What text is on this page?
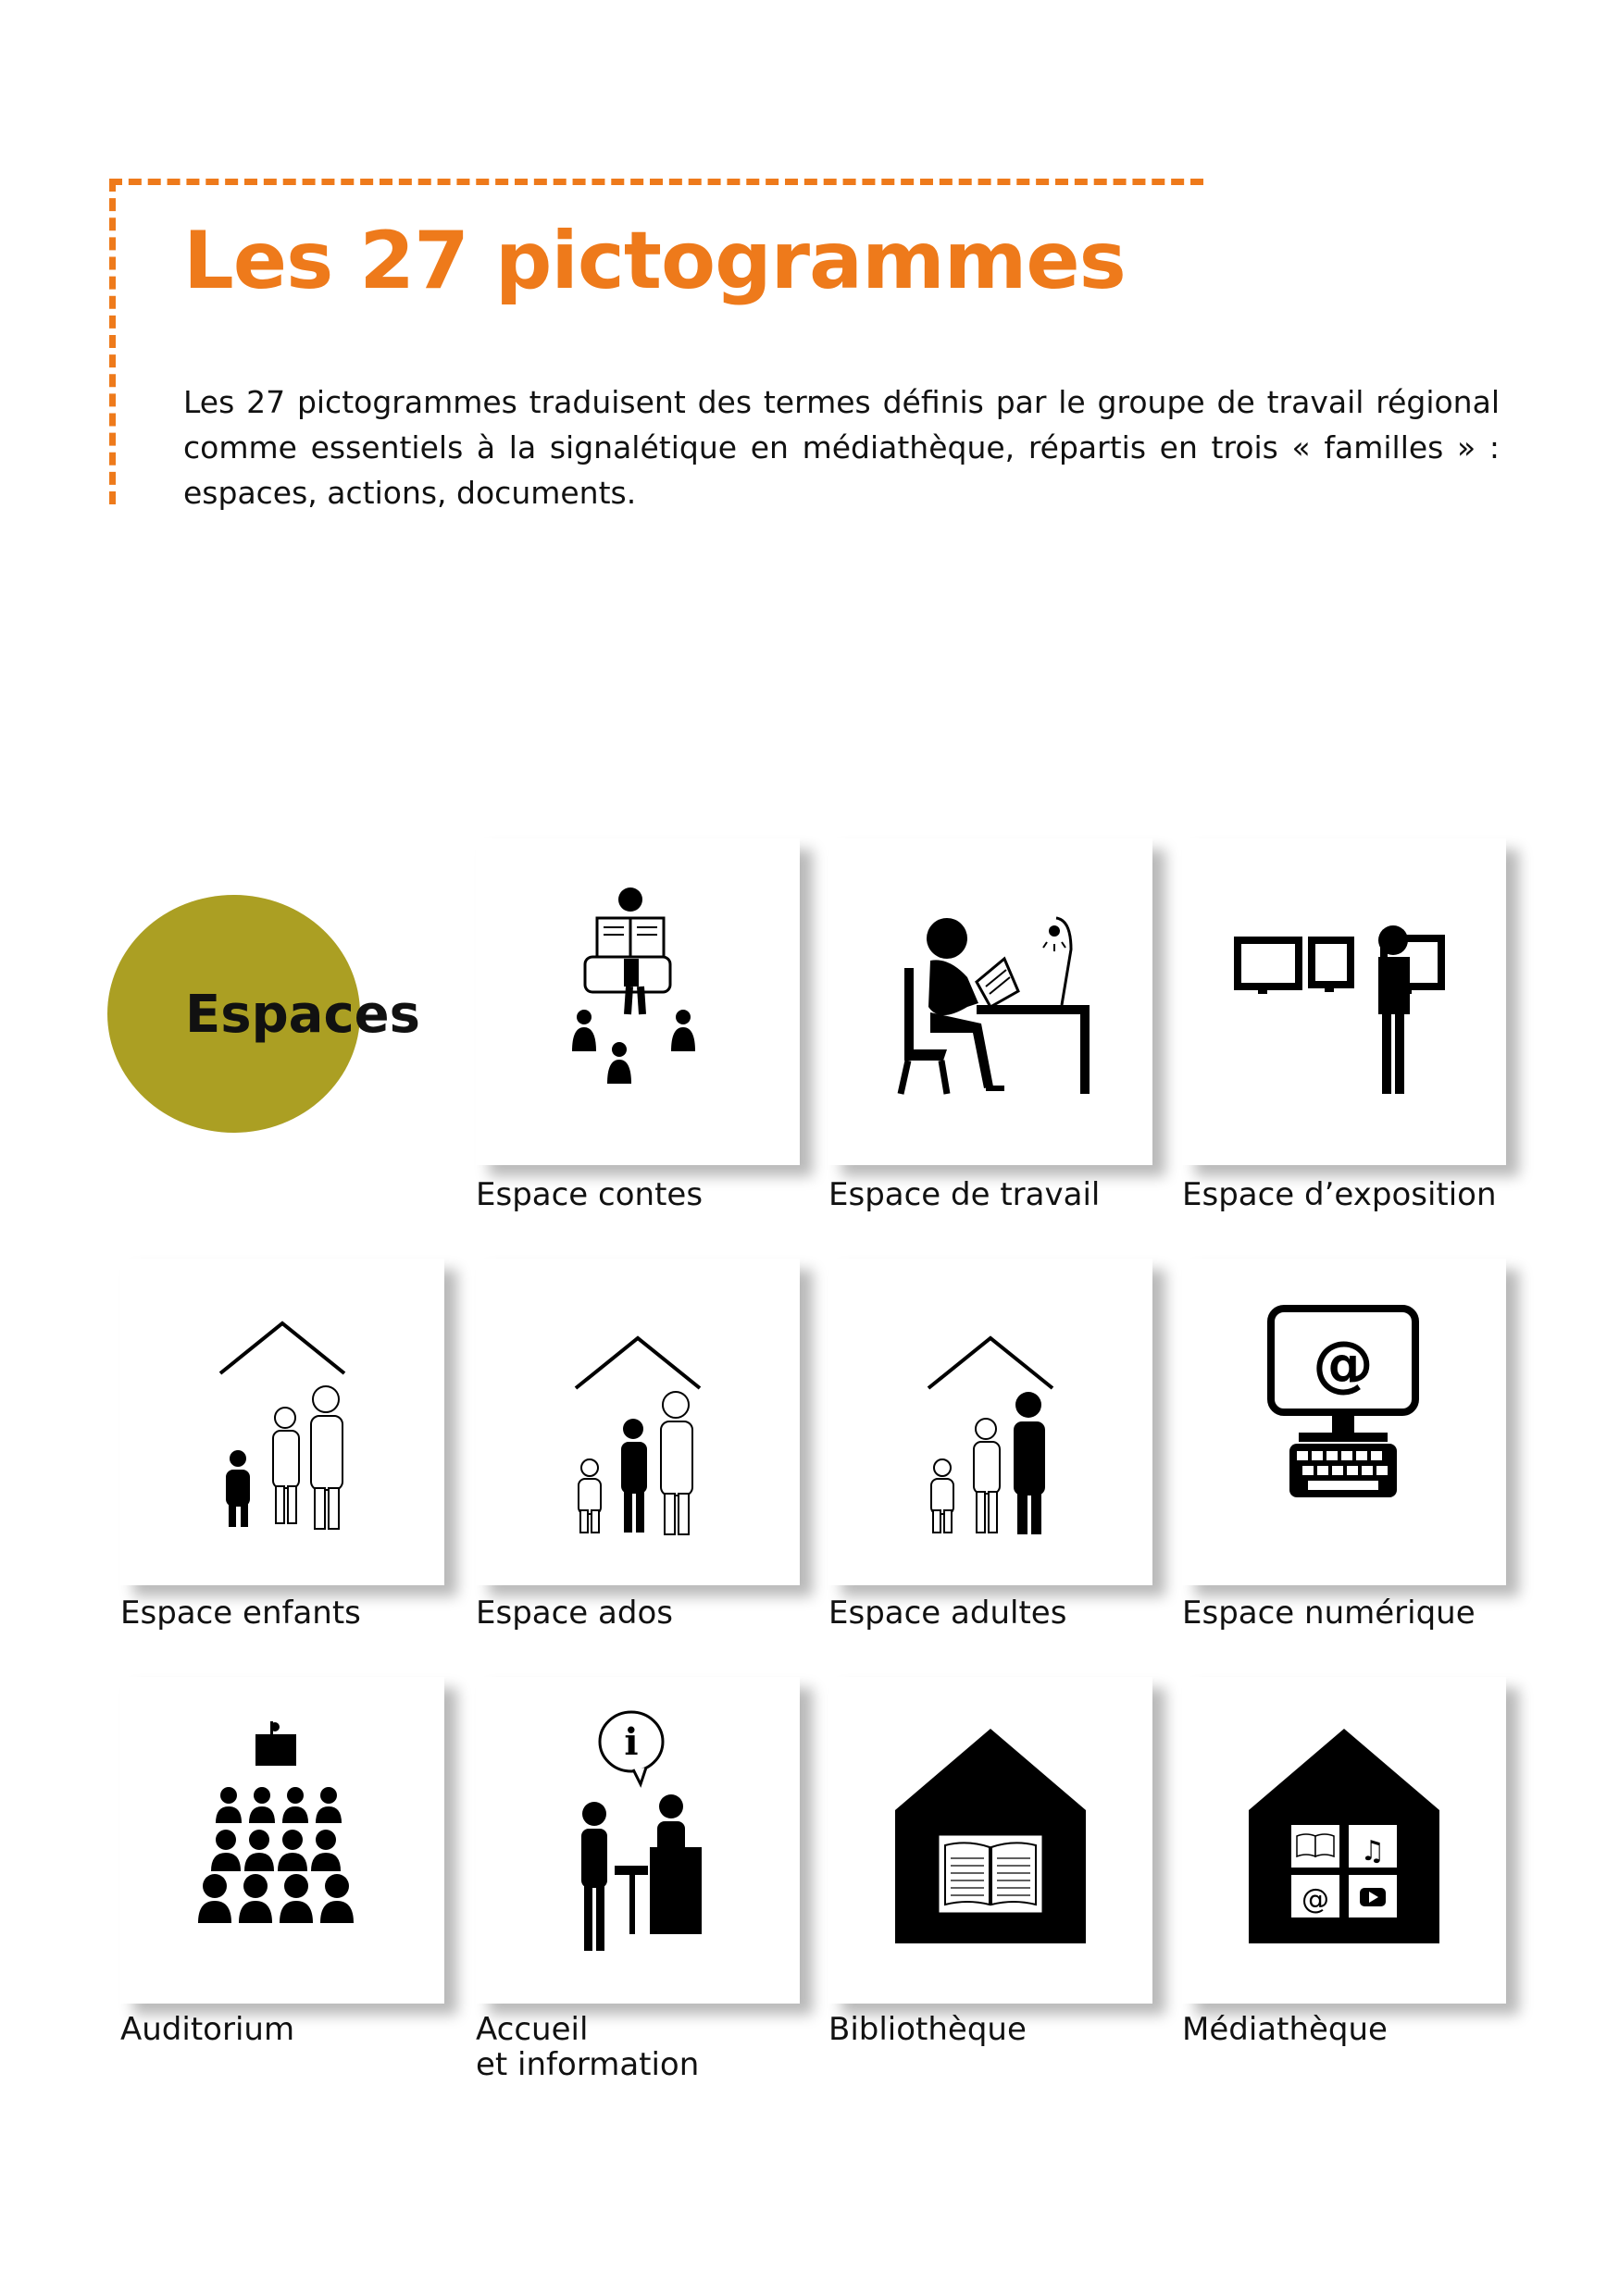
Les 27 pictogrammes

Les 27 pictogrammes traduisent des termes définis par le groupe de travail régional comme essentiels à la signalétique en médiathèque, répartis en trois « familles » : espaces, actions, documents.

Espaces
Espace contes	Espace de travail	Espace d’exposition
Espace enfants	Espace ados	Espace adultes
@
Espace numérique
Auditorium
i
Accueil
et information
Bibliothèque
♫
@
Médiathèque
